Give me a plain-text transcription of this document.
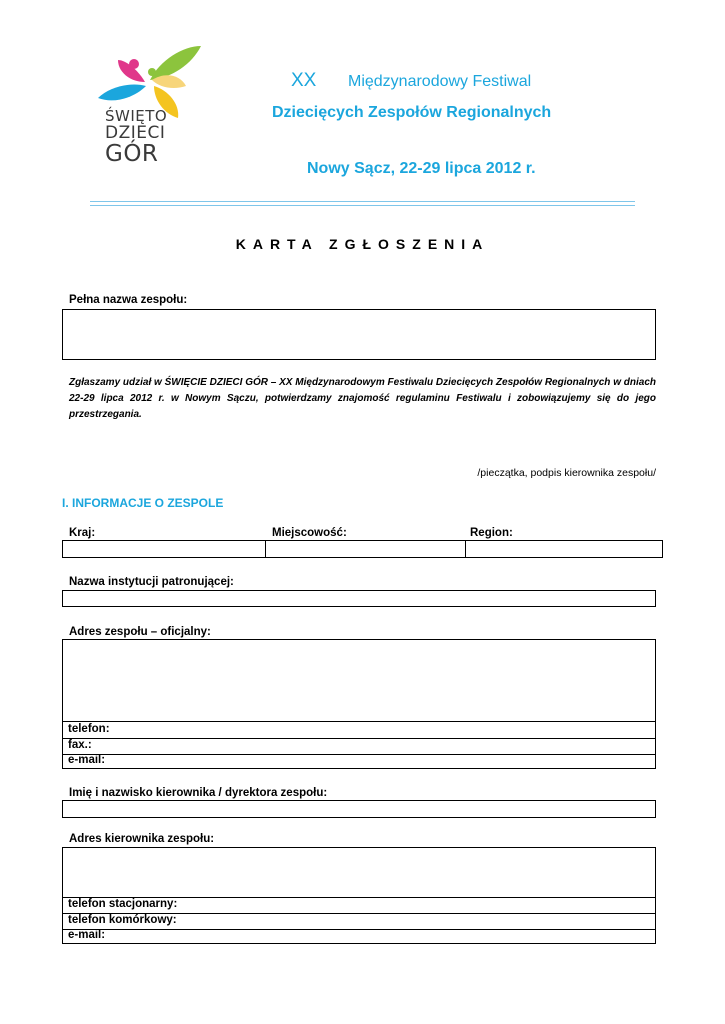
ŚWIĘTO
DZIECI
GÓR
XX Międzynarodowy Festiwal
Dziecięcych Zespołów Regionalnych
Nowy Sącz, 22-29 lipca 2012 r.
KARTA ZGŁOSZENIA
Pełna nazwa zespołu:
Zgłaszamy udział w ŚWIĘCIE DZIECI GÓR – XX Międzynarodowym Festiwalu Dziecięcych Zespołów Regionalnych w dniach 22-29 lipca 2012 r. w Nowym Sączu, potwierdzamy znajomość regulaminu Festiwalu i zobowiązujemy się do jego przestrzegania.
/pieczątka, podpis kierownika zespołu/
I. INFORMACJE O ZESPOLE
Kraj:	Miejscowość:	Region:
Nazwa instytucji patronującej:
Adres zespołu – oficjalny:
telefon:
fax.:
e-mail:
Imię i nazwisko kierownika / dyrektora zespołu:
Adres kierownika zespołu:
telefon stacjonarny:
telefon komórkowy:
e-mail:
